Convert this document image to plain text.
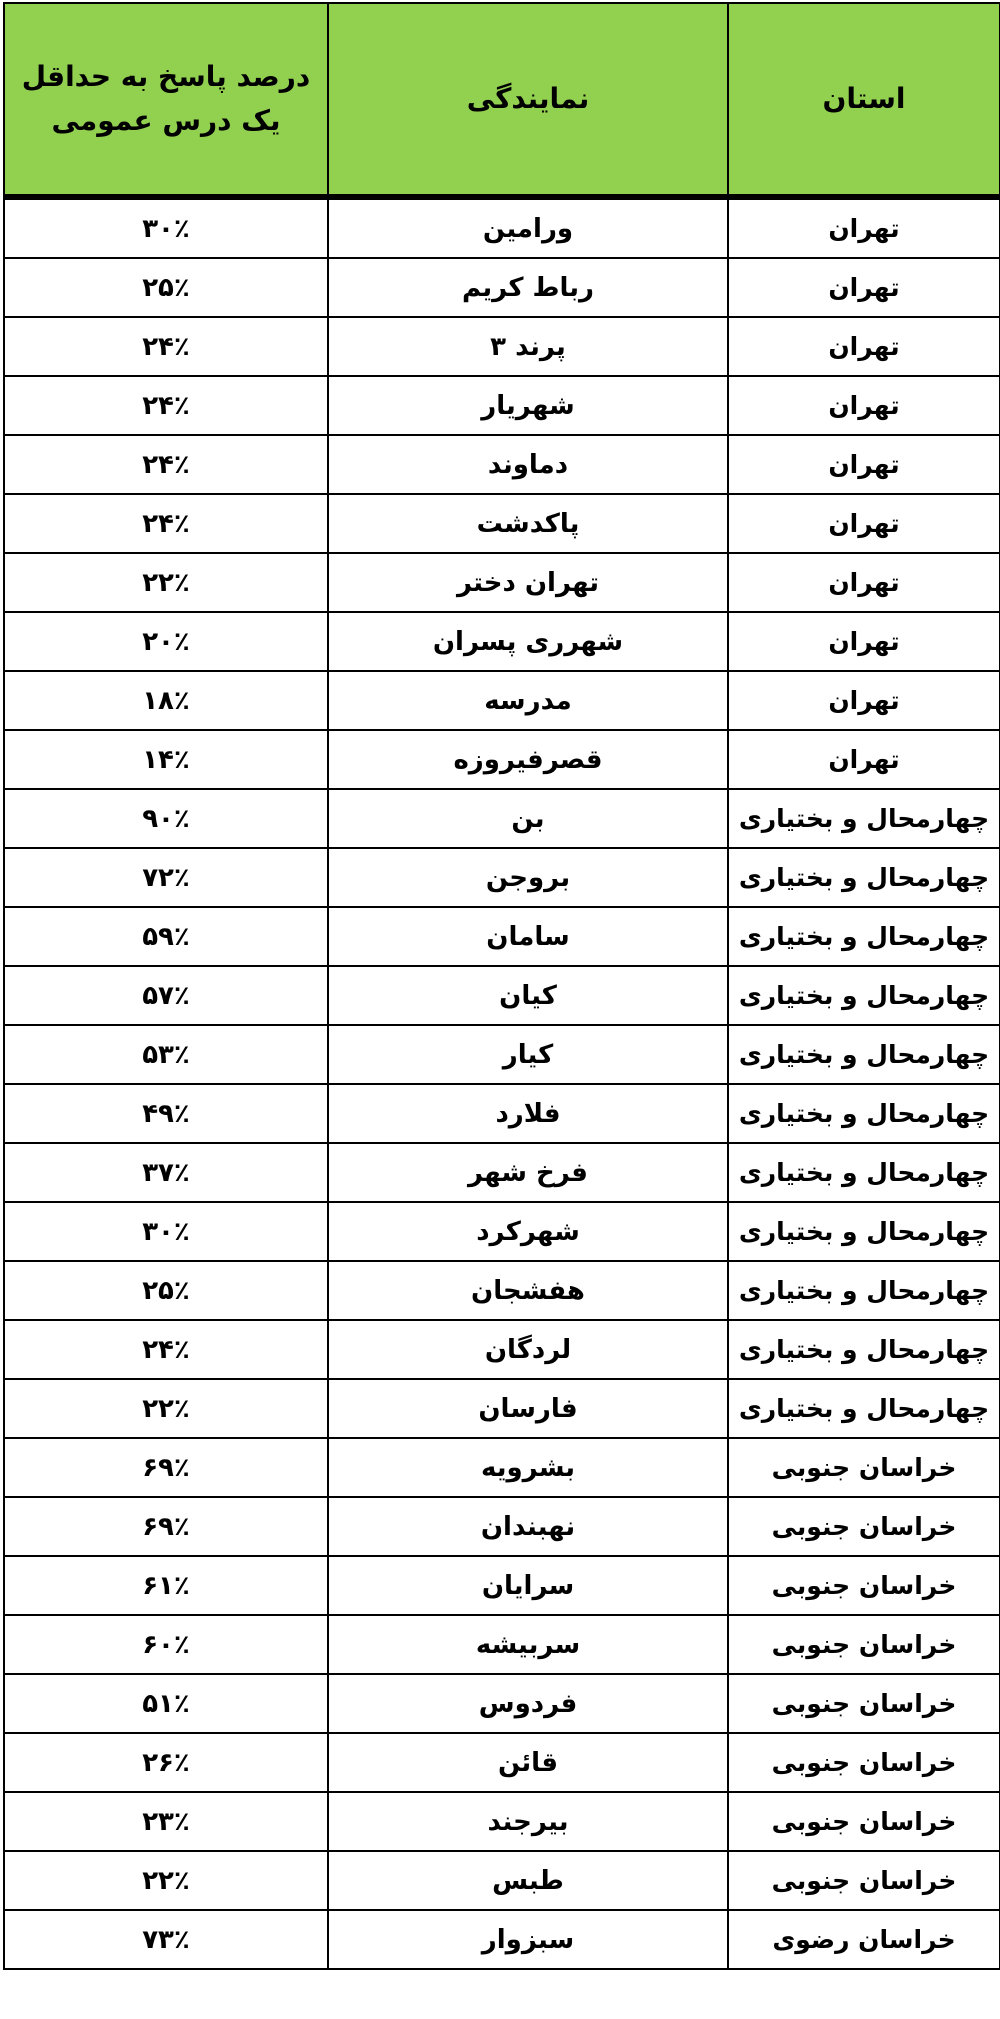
درصد پاسخ به حداقل یک درس عمومی	نمایندگی	استان
۳۰٪	ورامین	تهران
۲۵٪	رباط کریم	تهران
۲۴٪	پرند ۳	تهران
۲۴٪	شهریار	تهران
۲۴٪	دماوند	تهران
۲۴٪	پاکدشت	تهران
۲۲٪	تهران دختر	تهران
۲۰٪	شهرری پسران	تهران
۱۸٪	مدرسه	تهران
۱۴٪	قصرفیروزه	تهران
۹۰٪	بن	چهارمحال و بختیاری
۷۲٪	بروجن	چهارمحال و بختیاری
۵۹٪	سامان	چهارمحال و بختیاری
۵۷٪	کیان	چهارمحال و بختیاری
۵۳٪	کیار	چهارمحال و بختیاری
۴۹٪	فلارد	چهارمحال و بختیاری
۳۷٪	فرخ شهر	چهارمحال و بختیاری
۳۰٪	شهرکرد	چهارمحال و بختیاری
۲۵٪	هفشجان	چهارمحال و بختیاری
۲۴٪	لردگان	چهارمحال و بختیاری
۲۲٪	فارسان	چهارمحال و بختیاری
۶۹٪	بشرویه	خراسان جنوبی
۶۹٪	نهبندان	خراسان جنوبی
۶۱٪	سرایان	خراسان جنوبی
۶۰٪	سربیشه	خراسان جنوبی
۵۱٪	فردوس	خراسان جنوبی
۲۶٪	قائن	خراسان جنوبی
۲۳٪	بیرجند	خراسان جنوبی
۲۲٪	طبس	خراسان جنوبی
۷۳٪	سبزوار	خراسان رضوی
